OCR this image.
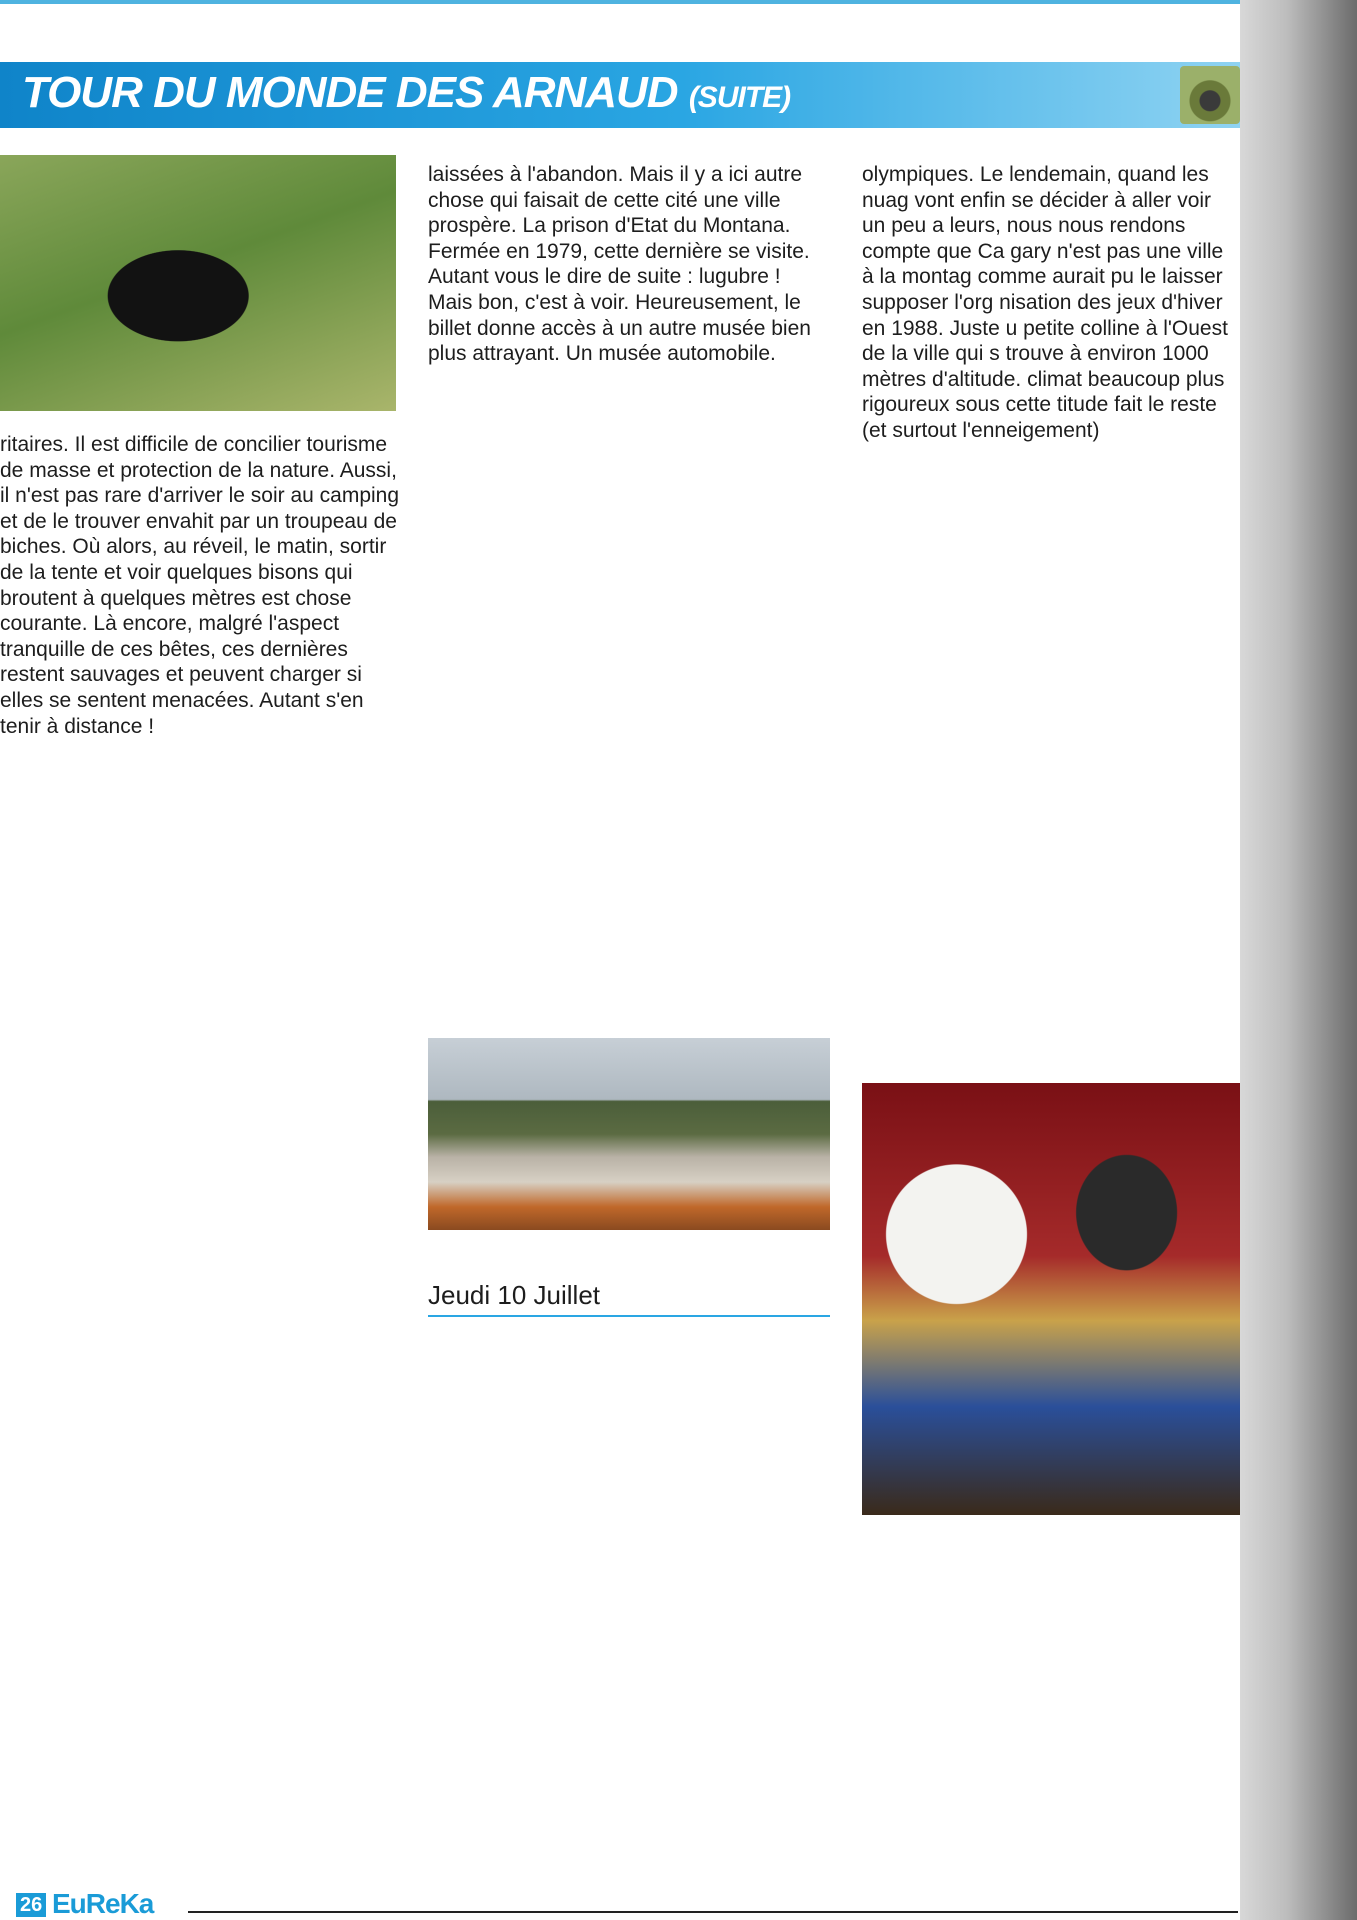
TOUR DU MONDE DES ARNAUD (SUITE)

ritaires. Il est difficile de concilier tourisme de masse et protection de la nature. Aussi, il n'est pas rare d'arriver le soir au camping et de le trouver envahit par un troupeau de biches. Où alors, au réveil, le matin, sortir de la tente et voir quelques bisons qui broutent à quelques mètres est chose courante. Là encore, malgré l'aspect tranquille de ces bêtes, ces dernières restent sauvages et peuvent charger si elles se sentent menacées. Autant s'en tenir à distance !

laissées à l'abandon. Mais il y a ici autre chose qui faisait de cette cité une ville prospère. La prison d'Etat du Montana. Fermée en 1979, cette dernière se visite. Autant vous le dire de suite : lugubre ! Mais bon, c'est à voir. Heureusement, le billet donne accès à un autre musée bien plus attrayant. Un musée automobile.

Jeudi 10 Juillet

olympiques. Le lendemain, quand les nuag vont enfin se décider à aller voir un peu a leurs, nous nous rendons compte que Ca gary n'est pas une ville à la montag comme aurait pu le laisser supposer l'org nisation des jeux d'hiver en 1988. Juste u petite colline à l'Ouest de la ville qui s trouve à environ 1000 mètres d'altitude. climat beaucoup plus rigoureux sous cette titude fait le reste (et surtout l'enneigement)

26 EuReKa
